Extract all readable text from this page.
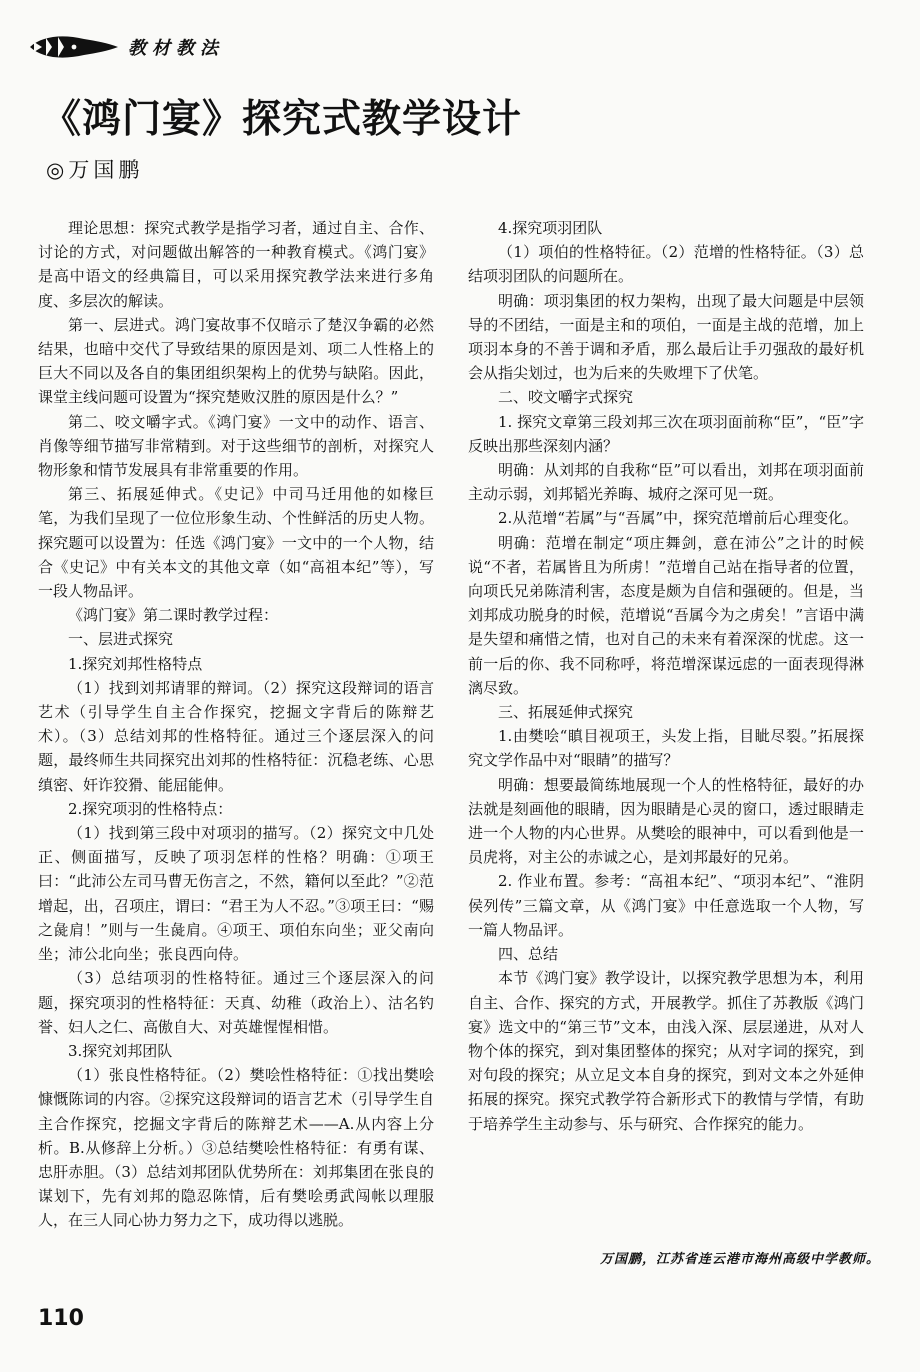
教材教法
《鸿门宴》探究式教学设计
◎万国鹏

理论思想：探究式教学是指学习者，通过自主、合作、讨论的方式，对问题做出解答的一种教育模式。《鸿门宴》是高中语文的经典篇目，可以采用探究教学法来进行多角度、多层次的解读。

第一、层进式。鸿门宴故事不仅暗示了楚汉争霸的必然结果，也暗中交代了导致结果的原因是刘、项二人性格上的巨大不同以及各自的集团组织架构上的优势与缺陷。因此，课堂主线问题可设置为“探究楚败汉胜的原因是什么？”

第二、咬文嚼字式。《鸿门宴》一文中的动作、语言、肖像等细节描写非常精到。对于这些细节的剖析，对探究人物形象和情节发展具有非常重要的作用。

第三、拓展延伸式。《史记》中司马迁用他的如椽巨笔，为我们呈现了一位位形象生动、个性鲜活的历史人物。探究题可以设置为：任选《鸿门宴》一文中的一个人物，结合《史记》中有关本文的其他文章（如“高祖本纪”等），写一段人物品评。

《鸿门宴》第二课时教学过程：

一、层进式探究

1.探究刘邦性格特点

（1）找到刘邦请罪的辩词。（2）探究这段辩词的语言艺术（引导学生自主合作探究，挖掘文字背后的陈辩艺术）。（3）总结刘邦的性格特征。通过三个逐层深入的问题，最终师生共同探究出刘邦的性格特征：沉稳老练、心思缜密、奸诈狡猾、能屈能伸。

2.探究项羽的性格特点：

（1）找到第三段中对项羽的描写。（2）探究文中几处正、侧面描写，反映了项羽怎样的性格？明确：①项王曰：“此沛公左司马曹无伤言之，不然，籍何以至此？”②范增起，出，召项庄，谓曰：“君王为人不忍。”③项王曰：“赐之彘肩！”则与一生彘肩。④项王、项伯东向坐；亚父南向坐；沛公北向坐；张良西向侍。

（3）总结项羽的性格特征。通过三个逐层深入的问题，探究项羽的性格特征：天真、幼稚（政治上）、沽名钓誉、妇人之仁、高傲自大、对英雄惺惺相惜。

3.探究刘邦团队

（1）张良性格特征。（2）樊哙性格特征：①找出樊哙慷慨陈词的内容。②探究这段辩词的语言艺术（引导学生自主合作探究，挖掘文字背后的陈辩艺术——A.从内容上分析。B.从修辞上分析。）③总结樊哙性格特征：有勇有谋、忠肝赤胆。（3）总结刘邦团队优势所在：刘邦集团在张良的谋划下，先有刘邦的隐忍陈情，后有樊哙勇武闯帐以理服人，在三人同心协力努力之下，成功得以逃脱。

4.探究项羽团队

（1）项伯的性格特征。（2）范增的性格特征。（3）总结项羽团队的问题所在。

明确：项羽集团的权力架构，出现了最大问题是中层领导的不团结，一面是主和的项伯，一面是主战的范增，加上项羽本身的不善于调和矛盾，那么最后让手刃强敌的最好机会从指尖划过，也为后来的失败埋下了伏笔。

二、咬文嚼字式探究

1. 探究文章第三段刘邦三次在项羽面前称“臣”，“臣”字反映出那些深刻内涵？

明确：从刘邦的自我称“臣”可以看出，刘邦在项羽面前主动示弱，刘邦韬光养晦、城府之深可见一斑。

2.从范增“若属”与“吾属”中，探究范增前后心理变化。

明确：范增在制定“项庄舞剑，意在沛公”之计的时候说“不者，若属皆且为所虏！”范增自己站在指导者的位置，向项氏兄弟陈清利害，态度是颇为自信和强硬的。但是，当刘邦成功脱身的时候，范增说“吾属今为之虏矣！”言语中满是失望和痛惜之情，也对自己的未来有着深深的忧虑。这一前一后的你、我不同称呼，将范增深谋远虑的一面表现得淋漓尽致。

三、拓展延伸式探究

1.由樊哙“瞋目视项王，头发上指，目眦尽裂。”拓展探究文学作品中对“眼睛”的描写？

明确：想要最简练地展现一个人的性格特征，最好的办法就是刻画他的眼睛，因为眼睛是心灵的窗口，透过眼睛走进一个人物的内心世界。从樊哙的眼神中，可以看到他是一员虎将，对主公的赤诚之心，是刘邦最好的兄弟。

2. 作业布置。参考：“高祖本纪”、“项羽本纪”、“淮阴侯列传”三篇文章，从《鸿门宴》中任意选取一个人物，写一篇人物品评。

四、总结

本节《鸿门宴》教学设计，以探究教学思想为本，利用自主、合作、探究的方式，开展教学。抓住了苏教版《鸿门宴》选文中的“第三节”文本，由浅入深、层层递进，从对人物个体的探究，到对集团整体的探究；从对字词的探究，到对句段的探究；从立足文本自身的探究，到对文本之外延伸拓展的探究。探究式教学符合新形式下的教情与学情，有助于培养学生主动参与、乐与研究、合作探究的能力。

万国鹏，江苏省连云港市海州高级中学教师。
110
